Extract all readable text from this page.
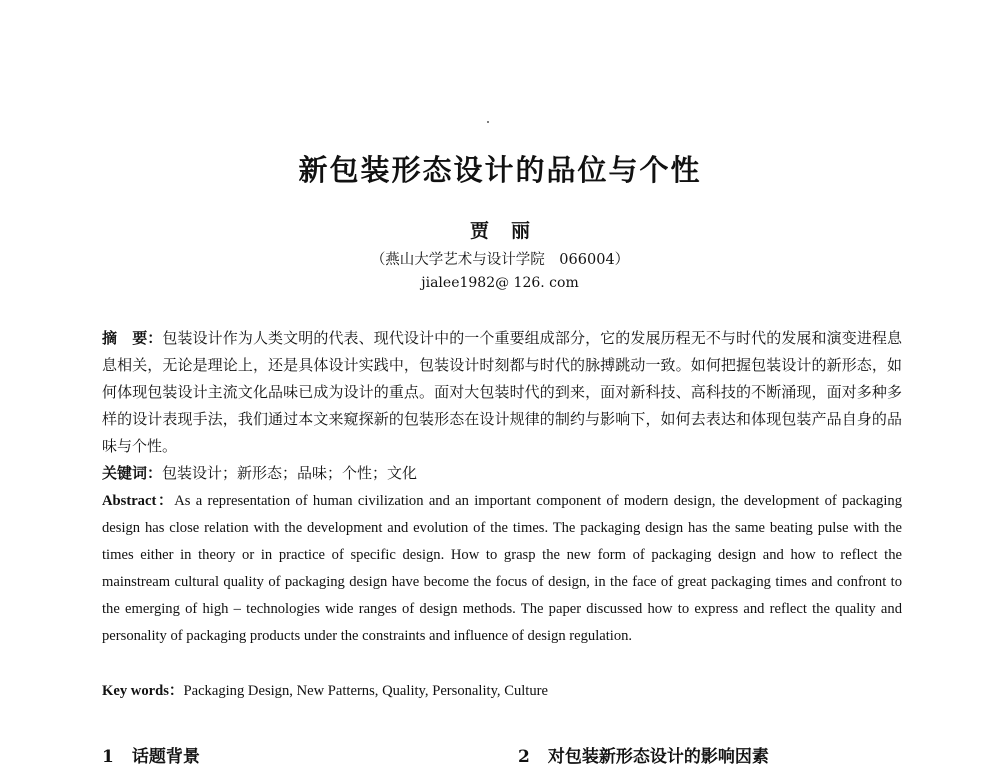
新包装形态设计的品位与个性
贾丽
（燕山大学艺术与设计学院　066004）
jialee1982@ 126. com
摘　要：包装设计作为人类文明的代表、现代设计中的一个重要组成部分，它的发展历程无不与时代的发展和演变进程息息相关，无论是理论上，还是具体设计实践中，包装设计时刻都与时代的脉搏跳动一致。如何把握包装设计的新形态，如何体现包装设计主流文化品味已成为设计的重点。面对大包装时代的到来，面对新科技、高科技的不断涌现，面对多种多样的设计表现手法，我们通过本文来窥探新的包装形态在设计规律的制约与影响下，如何去表达和体现包装产品自身的品味与个性。
关键词：包装设计；新形态；品味；个性；文化
Abstract：As a representation of human civilization and an important component of modern design, the development of packaging design has close relation with the development and evolution of the times. The packaging design has the same beating pulse with the times either in theory or in practice of specific design. How to grasp the new form of packaging design and how to reflect the mainstream cultural quality of packaging design have become the focus of design, in the face of great packaging times and confront to the emerging of high – technologies wide ranges of design methods. The paper discussed how to express and reflect the quality and personality of packaging products under the constraints and influence of design regulation.
Key words：Packaging Design, New Patterns, Quality, Personality, Culture
1 话题背景	2 对包装新形态设计的影响因素
